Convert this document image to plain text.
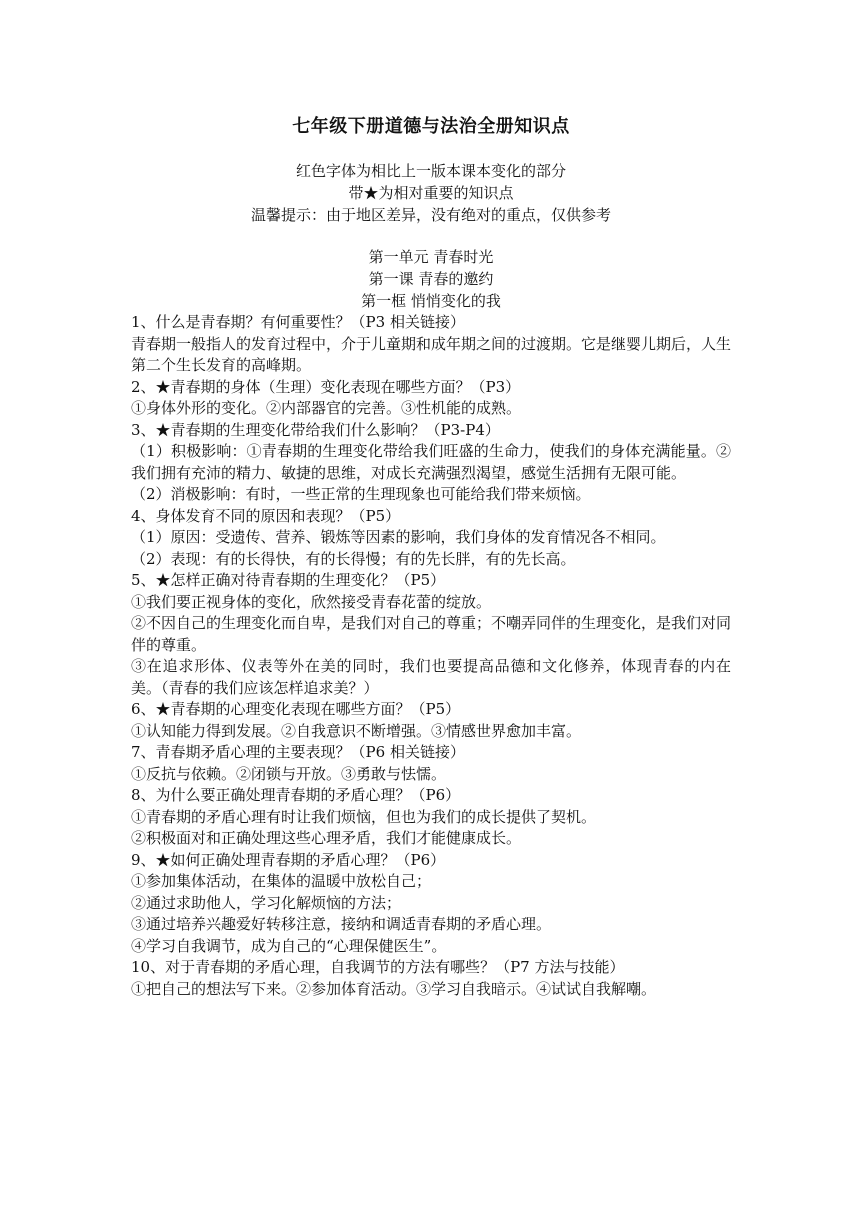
七年级下册道德与法治全册知识点

红色字体为相比上一版本课本变化的部分

带★为相对重要的知识点

温馨提示：由于地区差异，没有绝对的重点，仅供参考

第一单元 青春时光

第一课 青春的邀约

第一框 悄悄变化的我

1、什么是青春期？有何重要性？（P3 相关链接）

青春期一般指人的发育过程中，介于儿童期和成年期之间的过渡期。它是继婴儿期后，人生第二个生长发育的高峰期。

2、★青春期的身体（生理）变化表现在哪些方面？（P3）

①身体外形的变化。②内部器官的完善。③性机能的成熟。

3、★青春期的生理变化带给我们什么影响？（P3-P4）

（1）积极影响：①青春期的生理变化带给我们旺盛的生命力，使我们的身体充满能量。②我们拥有充沛的精力、敏捷的思维，对成长充满强烈渴望，感觉生活拥有无限可能。

（2）消极影响：有时，一些正常的生理现象也可能给我们带来烦恼。

4、身体发育不同的原因和表现？（P5）

（1）原因：受遗传、营养、锻炼等因素的影响，我们身体的发育情况各不相同。

（2）表现：有的长得快，有的长得慢；有的先长胖，有的先长高。

5、★怎样正确对待青春期的生理变化？（P5）

①我们要正视身体的变化，欣然接受青春花蕾的绽放。

②不因自己的生理变化而自卑，是我们对自己的尊重；不嘲弄同伴的生理变化，是我们对同伴的尊重。

③在追求形体、仪表等外在美的同时，我们也要提高品德和文化修养，体现青春的内在美。（青春的我们应该怎样追求美？）

6、★青春期的心理变化表现在哪些方面？（P5）

①认知能力得到发展。②自我意识不断增强。③情感世界愈加丰富。

7、青春期矛盾心理的主要表现？（P6 相关链接）

①反抗与依赖。②闭锁与开放。③勇敢与怯懦。

8、为什么要正确处理青春期的矛盾心理？（P6）

①青春期的矛盾心理有时让我们烦恼，但也为我们的成长提供了契机。

②积极面对和正确处理这些心理矛盾，我们才能健康成长。

9、★如何正确处理青春期的矛盾心理？（P6）

①参加集体活动，在集体的温暖中放松自己；

②通过求助他人，学习化解烦恼的方法；

③通过培养兴趣爱好转移注意，接纳和调适青春期的矛盾心理。

④学习自我调节，成为自己的“心理保健医生”。

10、对于青春期的矛盾心理，自我调节的方法有哪些？（P7 方法与技能）

①把自己的想法写下来。②参加体育活动。③学习自我暗示。④试试自我解嘲。
